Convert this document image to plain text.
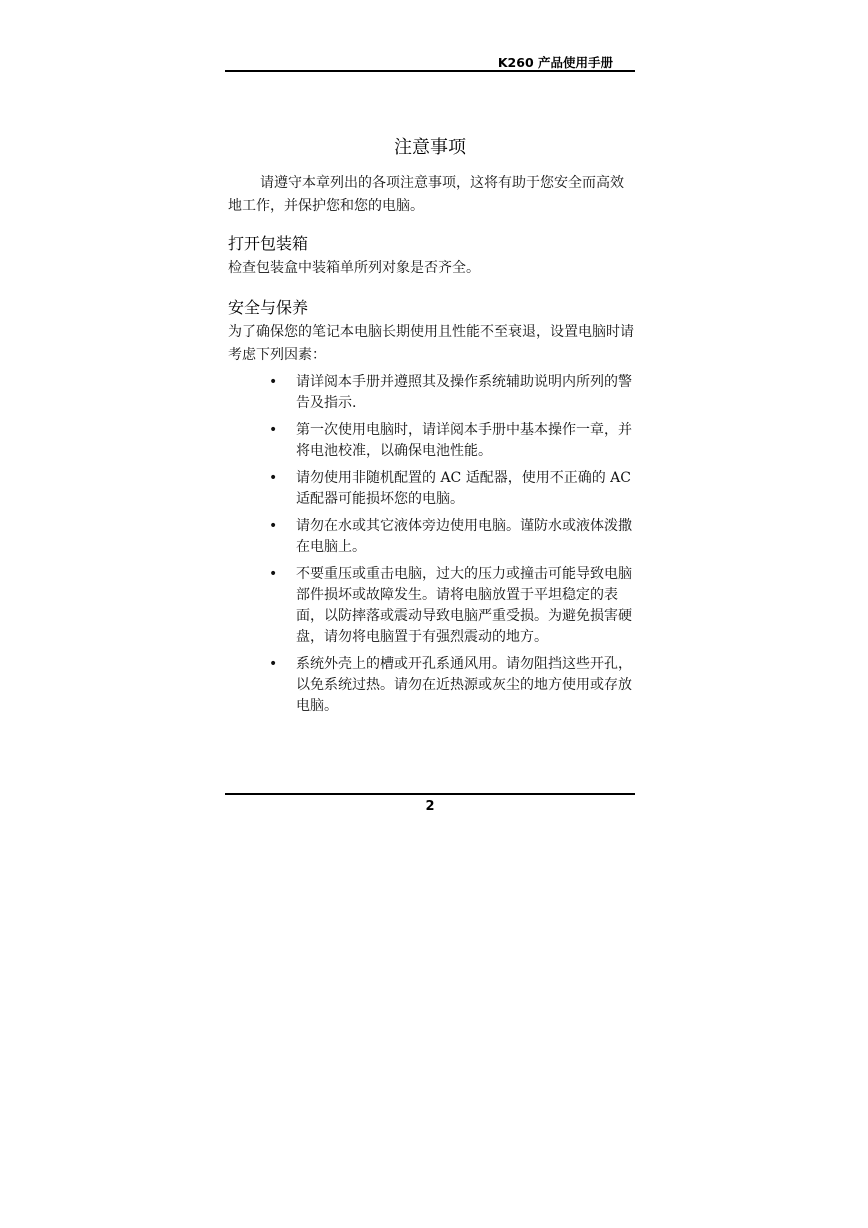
K260 产品使用手册
注意事项
请遵守本章列出的各项注意事项，这将有助于您安全而高效地工作，并保护您和您的电脑。
打开包装箱
检查包装盒中装箱单所列对象是否齐全。
安全与保养
为了确保您的笔记本电脑长期使用且性能不至衰退，设置电脑时请考虑下列因素：
• 请详阅本手册并遵照其及操作系统辅助说明内所列的警告及指示.
• 第一次使用电脑时，请详阅本手册中基本操作一章，并将电池校准，以确保电池性能。
• 请勿使用非随机配置的 AC 适配器，使用不正确的 AC 适配器可能损坏您的电脑。
• 请勿在水或其它液体旁边使用电脑。谨防水或液体泼撒在电脑上。
• 不要重压或重击电脑，过大的压力或撞击可能导致电脑部件损坏或故障发生。请将电脑放置于平坦稳定的表面，以防摔落或震动导致电脑严重受损。为避免损害硬盘，请勿将电脑置于有强烈震动的地方。
• 系统外壳上的槽或开孔系通风用。请勿阻挡这些开孔，以免系统过热。请勿在近热源或灰尘的地方使用或存放电脑。
2
